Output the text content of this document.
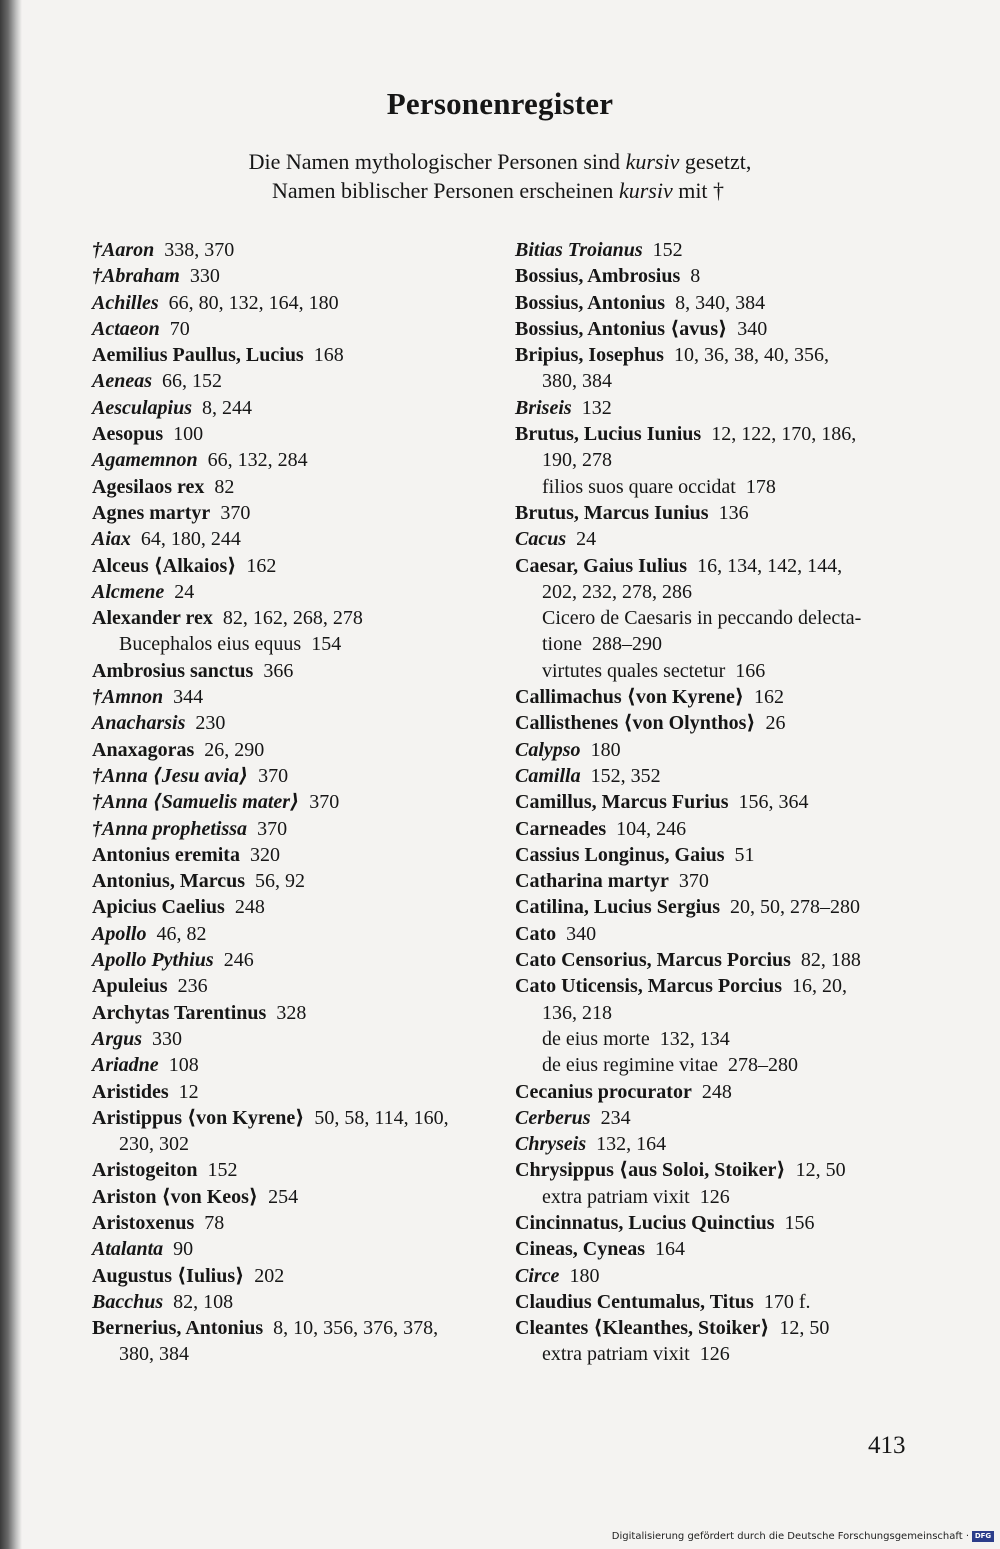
Personenregister
Die Namen mythologischer Personen sind kursiv gesetzt,
Namen biblischer Personen erscheinen kursiv mit †
†Aaron 338, 370
†Abraham 330
Achilles 66, 80, 132, 164, 180
Actaeon 70
Aemilius Paullus, Lucius 168
Aeneas 66, 152
Aesculapius 8, 244
Aesopus 100
Agamemnon 66, 132, 284
Agesilaos rex 82
Agnes martyr 370
Aiax 64, 180, 244
Alceus ⟨Alkaios⟩ 162
Alcmene 24
Alexander rex 82, 162, 268, 278
Bucephalos eius equus 154
Ambrosius sanctus 366
†Amnon 344
Anacharsis 230
Anaxagoras 26, 290
†Anna ⟨Jesu avia⟩ 370
†Anna ⟨Samuelis mater⟩ 370
†Anna prophetissa 370
Antonius eremita 320
Antonius, Marcus 56, 92
Apicius Caelius 248
Apollo 46, 82
Apollo Pythius 246
Apuleius 236
Archytas Tarentinus 328
Argus 330
Ariadne 108
Aristides 12
Aristippus ⟨von Kyrene⟩ 50, 58, 114, 160,
230, 302
Aristogeiton 152
Ariston ⟨von Keos⟩ 254
Aristoxenus 78
Atalanta 90
Augustus ⟨Iulius⟩ 202
Bacchus 82, 108
Bernerius, Antonius 8, 10, 356, 376, 378,
380, 384
Bitias Troianus 152
Bossius, Ambrosius 8
Bossius, Antonius 8, 340, 384
Bossius, Antonius ⟨avus⟩ 340
Bripius, Iosephus 10, 36, 38, 40, 356,
380, 384
Briseis 132
Brutus, Lucius Iunius 12, 122, 170, 186,
190, 278
filios suos quare occidat 178
Brutus, Marcus Iunius 136
Cacus 24
Caesar, Gaius Iulius 16, 134, 142, 144,
202, 232, 278, 286
Cicero de Caesaris in peccando delecta-
tione 288–290
virtutes quales sectetur 166
Callimachus ⟨von Kyrene⟩ 162
Callisthenes ⟨von Olynthos⟩ 26
Calypso 180
Camilla 152, 352
Camillus, Marcus Furius 156, 364
Carneades 104, 246
Cassius Longinus, Gaius 51
Catharina martyr 370
Catilina, Lucius Sergius 20, 50, 278–280
Cato 340
Cato Censorius, Marcus Porcius 82, 188
Cato Uticensis, Marcus Porcius 16, 20,
136, 218
de eius morte 132, 134
de eius regimine vitae 278–280
Cecanius procurator 248
Cerberus 234
Chryseis 132, 164
Chrysippus ⟨aus Soloi, Stoiker⟩ 12, 50
extra patriam vixit 126
Cincinnatus, Lucius Quinctius 156
Cineas, Cyneas 164
Circe 180
Claudius Centumalus, Titus 170 f.
Cleantes ⟨Kleanthes, Stoiker⟩ 12, 50
extra patriam vixit 126
413
Digitalisierung gefördert durch die Deutsche Forschungsgemeinschaft · DFG
